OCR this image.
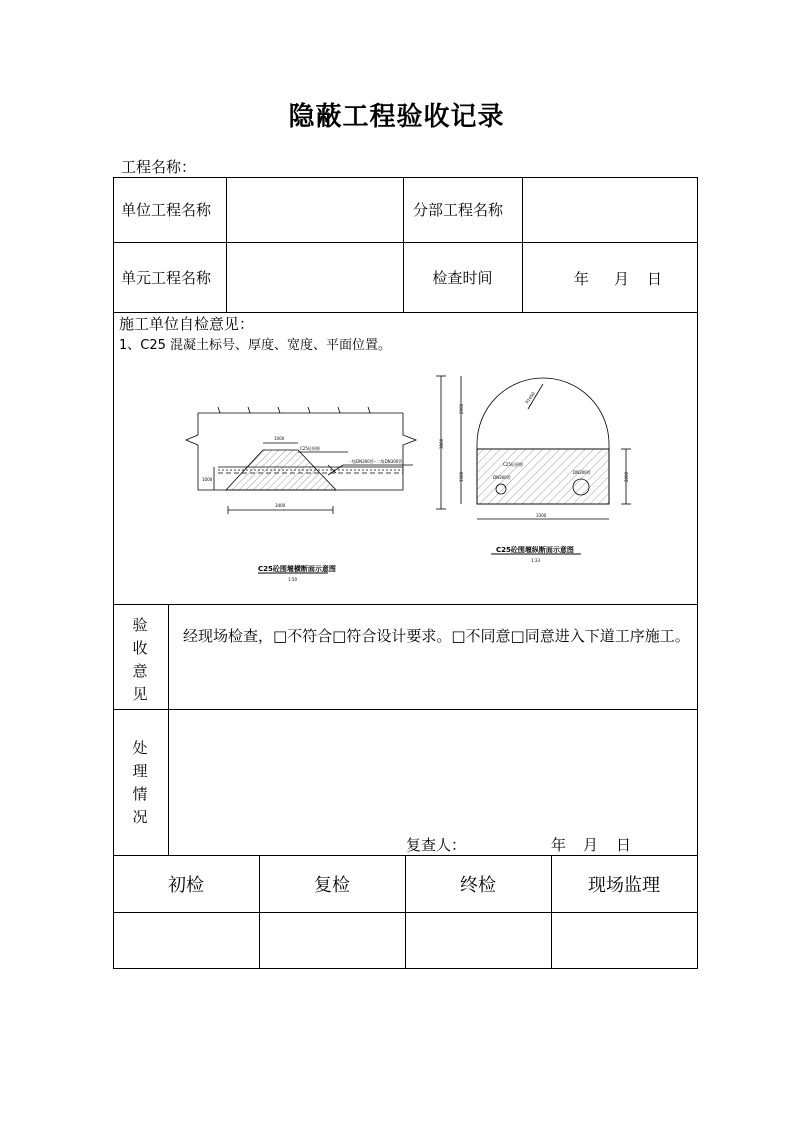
隐蔽工程验收记录
工程名称：
单位工程名称	分部工程名称
单元工程名称	检查时间	年 月 日
施工单位自检意见：
1、C25 混凝土标号、厚度、宽度、平面位置。
1000
3400
1000
C25砼围堰
一级DN300管--二级DN300管
C25砼围堰横断面示意图
1:50
R1650
2000
3800
1500	2000
3300
C25砼围堰
DN300管
DN300管
C25砼围堰纵断面示意图
1:33
验
收
意
见
经现场检查，□不符合□符合设计要求。□不同意□同意进入下道工序施工。
处
理
情
况
复查人：	年 月 日
初检	复检	终检	现场监理
